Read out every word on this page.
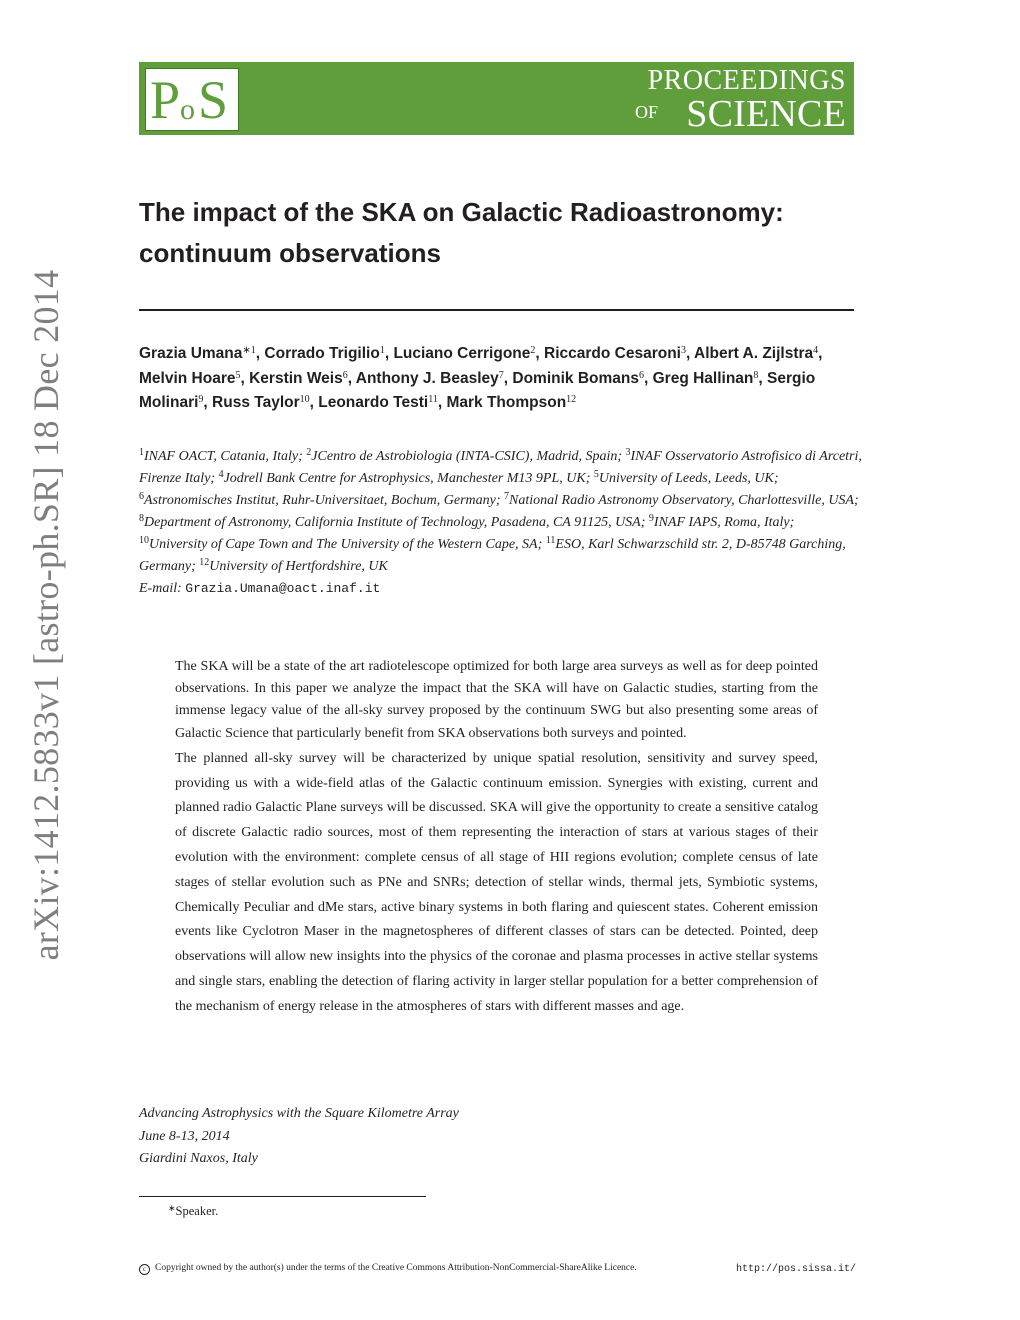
arXiv:1412.5833v1 [astro-ph.SR] 18 Dec 2014
P o S	PROCEEDINGS
OF SCIENCE
The impact of the SKA on Galactic Radioastronomy:
continuum observations
Grazia Umana$^{∗1}$, Corrado Trigilio$^1$, Luciano Cerrigone$^2$, Riccardo Cesaroni$^3$, Albert A. Zijlstra$^4$, Melvin Hoare$^5$, Kerstin Weis$^6$, Anthony J. Beasley$^7$, Dominik Bomans$^6$, Greg Hallinan$^8$, Sergio Molinari$^9$, Russ Taylor$^{10}$, Leonardo Testi$^{11}$, Mark Thompson$^{12}$
$^1$INAF OACT, Catania, Italy; $^2$JCentro de Astrobiologia (INTA-CSIC), Madrid, Spain; $^3$INAF Osservatorio Astrofisico di Arcetri, Firenze Italy; $^4$Jodrell Bank Centre for Astrophysics, Manchester M13 9PL, UK; $^5$University of Leeds, Leeds, UK; $^6$Astronomisches Institut, Ruhr-Universitaet, Bochum, Germany; $^7$National Radio Astronomy Observatory, Charlottesville, USA; $^8$Department of Astronomy, California Institute of Technology, Pasadena, CA 91125, USA; $^9$INAF IAPS, Roma, Italy; $^{10}$University of Cape Town and The University of the Western Cape, SA; $^{11}$ESO, Karl Schwarzschild str. 2, D-85748 Garching, Germany; $^{12}$University of Hertfordshire, UK
E-mail: Grazia.Umana@oact.inaf.it

The SKA will be a state of the art radiotelescope optimized for both large area surveys as well as for deep pointed observations. In this paper we analyze the impact that the SKA will have on Galactic studies, starting from the immense legacy value of the all-sky survey proposed by the continuum SWG but also presenting some areas of Galactic Science that particularly benefit from SKA observations both surveys and pointed.

The planned all-sky survey will be characterized by unique spatial resolution, sensitivity and survey speed, providing us with a wide-field atlas of the Galactic continuum emission. Synergies with existing, current and planned radio Galactic Plane surveys will be discussed. SKA will give the opportunity to create a sensitive catalog of discrete Galactic radio sources, most of them representing the interaction of stars at various stages of their evolution with the environment: complete census of all stage of HII regions evolution; complete census of late stages of stellar evolution such as PNe and SNRs; detection of stellar winds, thermal jets, Symbiotic systems, Chemically Peculiar and dMe stars, active binary systems in both flaring and quiescent states. Coherent emission events like Cyclotron Maser in the magnetospheres of different classes of stars can be detected. Pointed, deep observations will allow new insights into the physics of the coronae and plasma processes in active stellar systems and single stars, enabling the detection of flaring activity in larger stellar population for a better comprehension of the mechanism of energy release in the atmospheres of stars with different masses and age.

Advancing Astrophysics with the Square Kilometre Array
June 8-13, 2014
Giardini Naxos, Italy
∗Speaker.
c Copyright owned by the author(s) under the terms of the Creative Commons Attribution-NonCommercial-ShareAlike Licence.	http://pos.sissa.it/
